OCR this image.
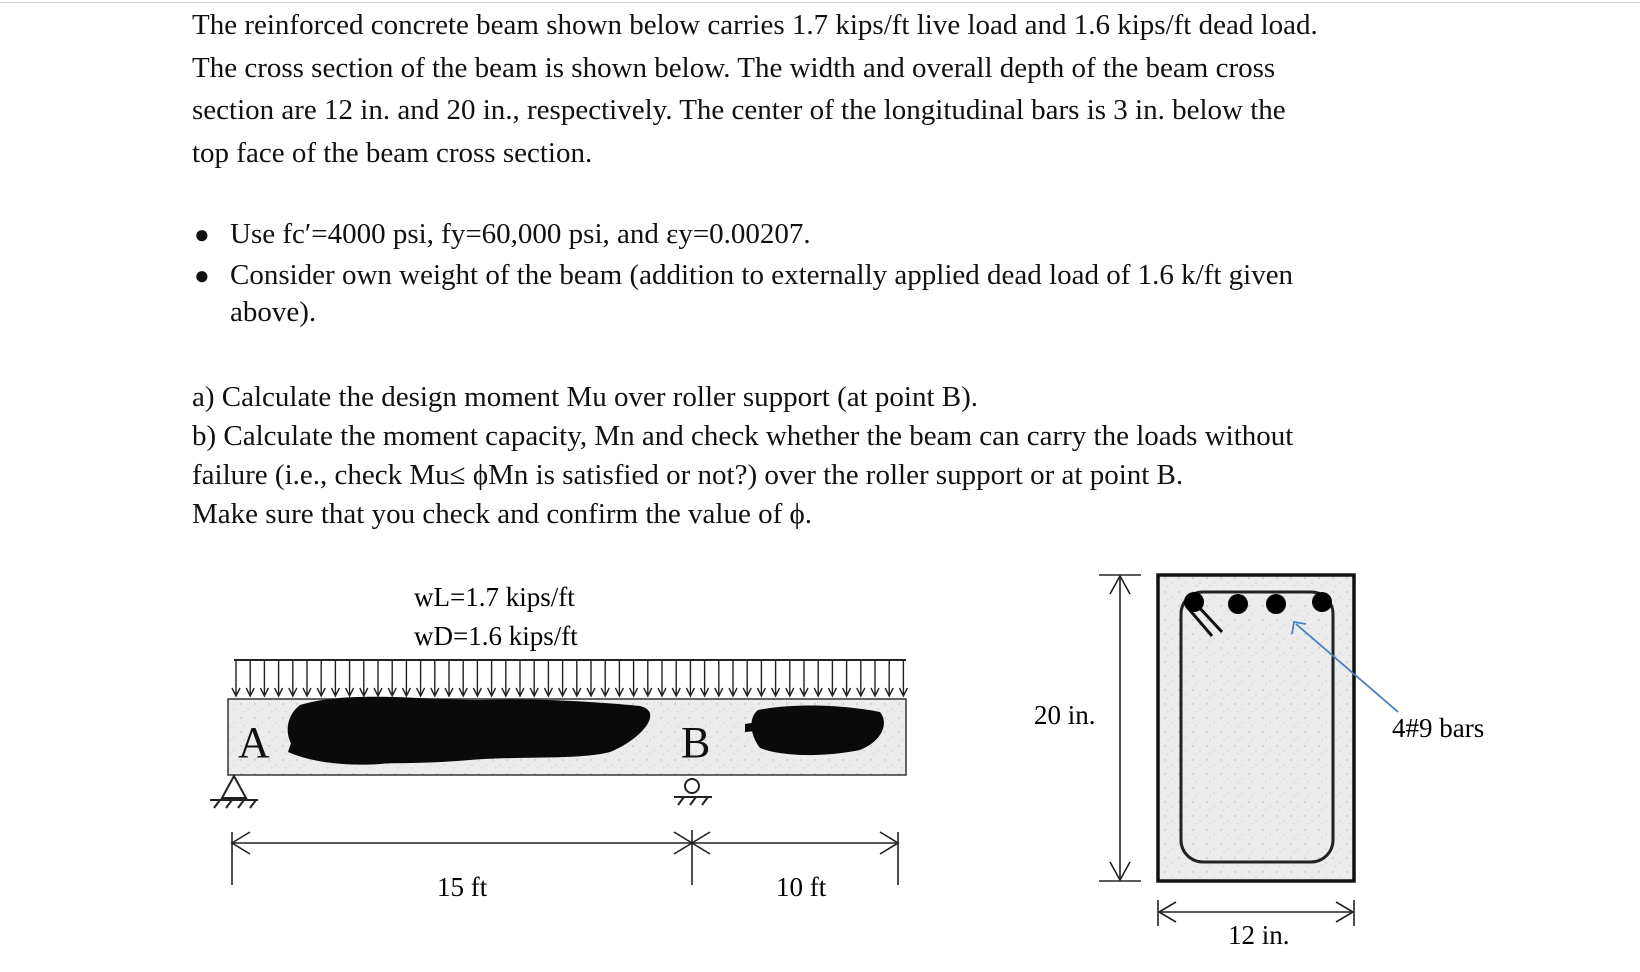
The reinforced concrete beam shown below carries 1.7 kips/ft live load and 1.6 kips/ft dead load.
The cross section of the beam is shown below. The width and overall depth of the beam cross
section are 12 in. and 20 in., respectively. The center of the longitudinal bars is 3 in. below the
top face of the beam cross section.
● Use fc′=4000 psi, fy=60,000 psi, and εy=0.00207.
● Consider own weight of the beam (addition to externally applied dead load of 1.6 k/ft given
above).
a) Calculate the design moment Mu over roller support (at point B).
b) Calculate the moment capacity, Mn and check whether the beam can carry the loads without
failure (i.e., check Mu≤ ϕMn is satisfied or not?) over the roller support or at point B.
Make sure that you check and confirm the value of ϕ.
wL=1.7 kips/ft
wD=1.6 kips/ft
A	B
15 ft	10 ft
4#9 bars
20 in.
12 in.
